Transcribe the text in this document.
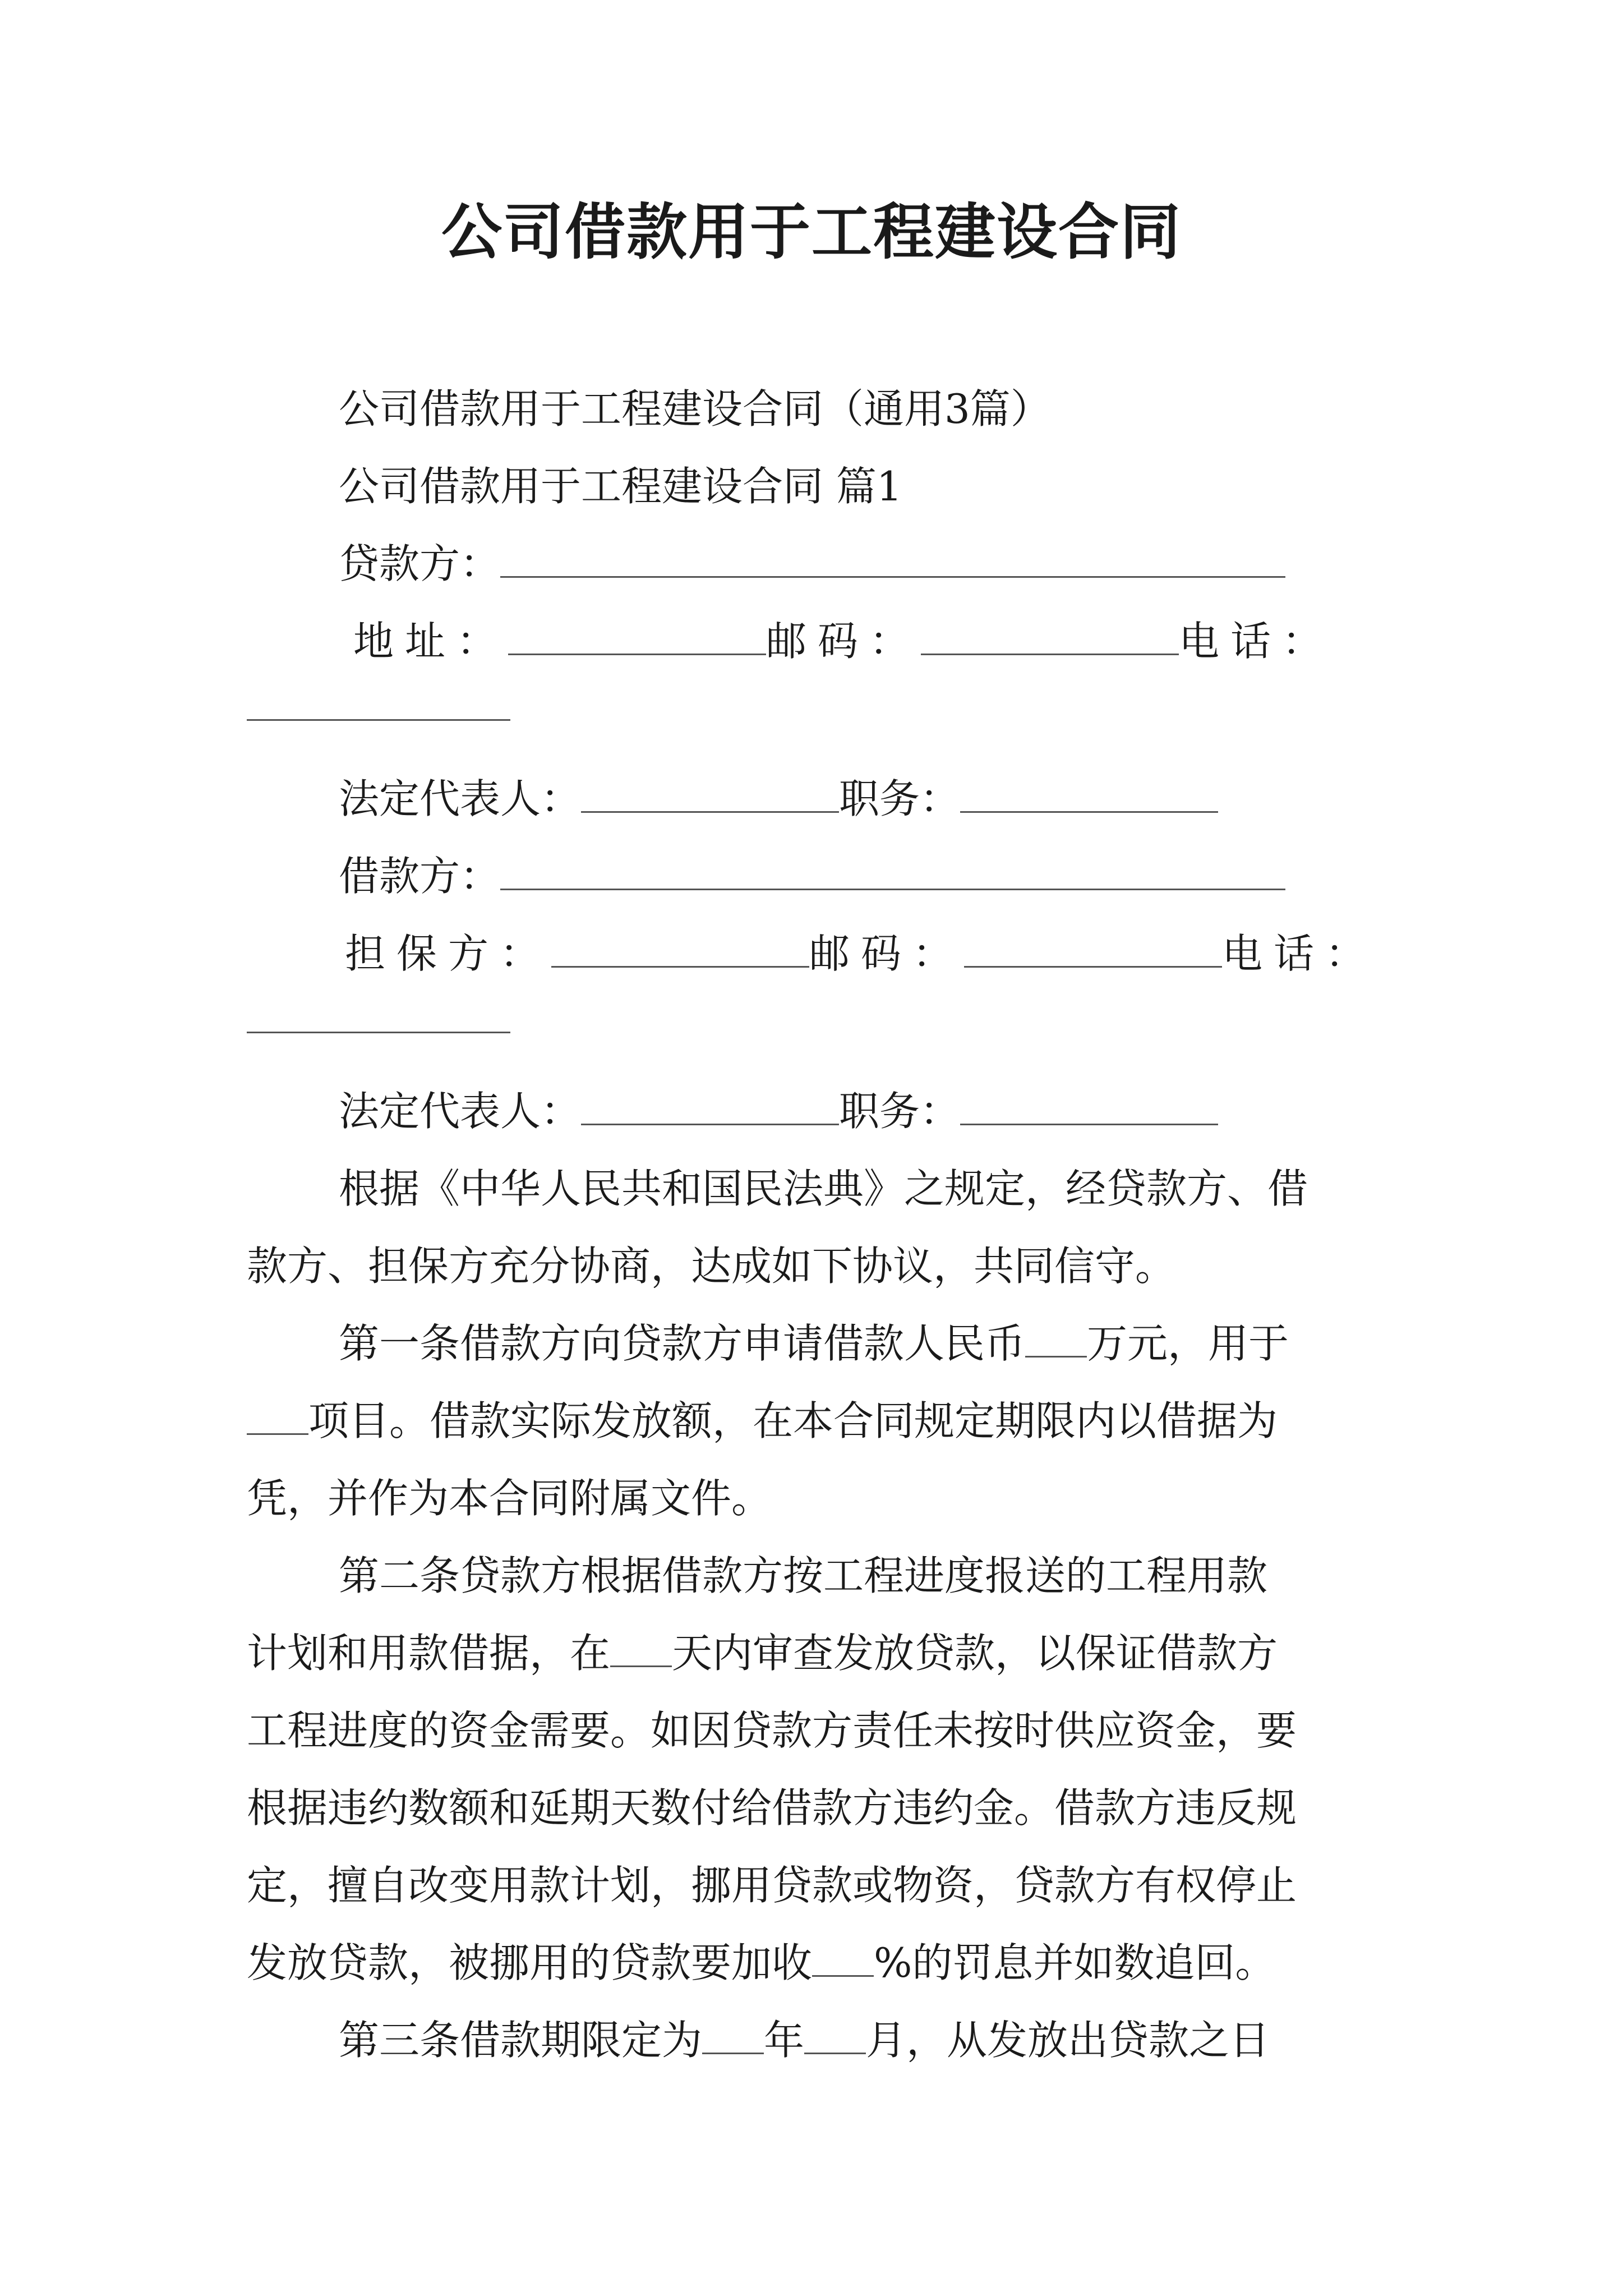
公司借款用于工程建设合同
公司借款用于工程建设合同（通用3篇）
公司借款用于工程建设合同 篇1
贷款方：
地址：	邮码：	电话：
法定代表人：	职务：
借款方：
担保方：	邮码：	电话：
法定代表人：	职务：
根据《中华人民共和国民法典》之规定，经贷款方、借
款方、担保方充分协商，达成如下协议，共同信守。
第一条借款方向贷款方申请借款人民币 万元，用于
项目。借款实际发放额，在本合同规定期限内以借据为
凭，并作为本合同附属文件。
第二条贷款方根据借款方按工程进度报送的工程用款
计划和用款借据，在 天内审查发放贷款，以保证借款方
工程进度的资金需要。如因贷款方责任未按时供应资金，要
根据违约数额和延期天数付给借款方违约金。借款方违反规
定，擅自改变用款计划，挪用贷款或物资，贷款方有权停止
发放贷款，被挪用的贷款要加收 %的罚息并如数追回。
第三条借款期限定为 年 月，从发放出贷款之日
